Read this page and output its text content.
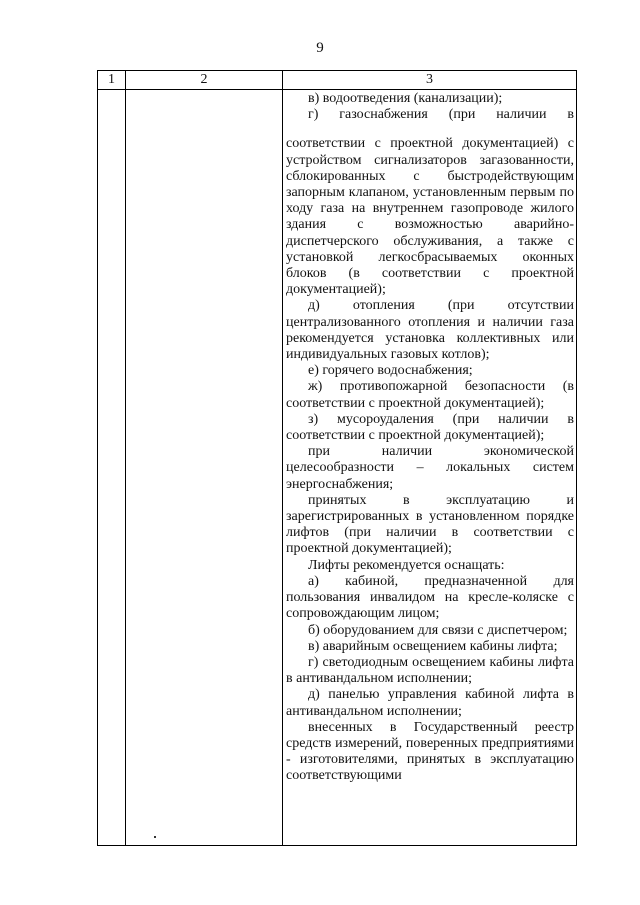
9
1	2	3

в) водоотведения (канализации);

г) газоснабжения (при наличии в

соответствии с проектной документацией) с устройством сигнализаторов загазованности, сблокированных с быстродействующим запорным клапаном, установленным первым по ходу газа на внутреннем газопроводе жилого здания с возможностью аварийно-диспетчерского обслуживания, а также с установкой легкосбрасываемых оконных блоков (в соответствии с проектной документацией);

д) отопления (при отсутствии централизованного отопления и наличии газа рекомендуется установка коллективных или индивидуальных газовых котлов);

е) горячего водоснабжения;

ж) противопожарной безопасности (в соответствии с проектной документацией);

з) мусороудаления (при наличии в соответствии с проектной документацией);

при наличии экономической целесообразности – локальных систем энергоснабжения;

принятых в эксплуатацию и зарегистрированных в установленном порядке лифтов (при наличии в соответствии с проектной документацией);

Лифты рекомендуется оснащать:

а) кабиной, предназначенной для пользования инвалидом на кресле-коляске с сопровождающим лицом;

б) оборудованием для связи с диспетчером;

в) аварийным освещением кабины лифта;

г) светодиодным освещением кабины лифта в антивандальном исполнении;

д) панелью управления кабиной лифта в антивандальном исполнении;

внесенных в Государственный реестр средств измерений, поверенных предприятиями - изготовителями, принятых в эксплуатацию соответствующими
